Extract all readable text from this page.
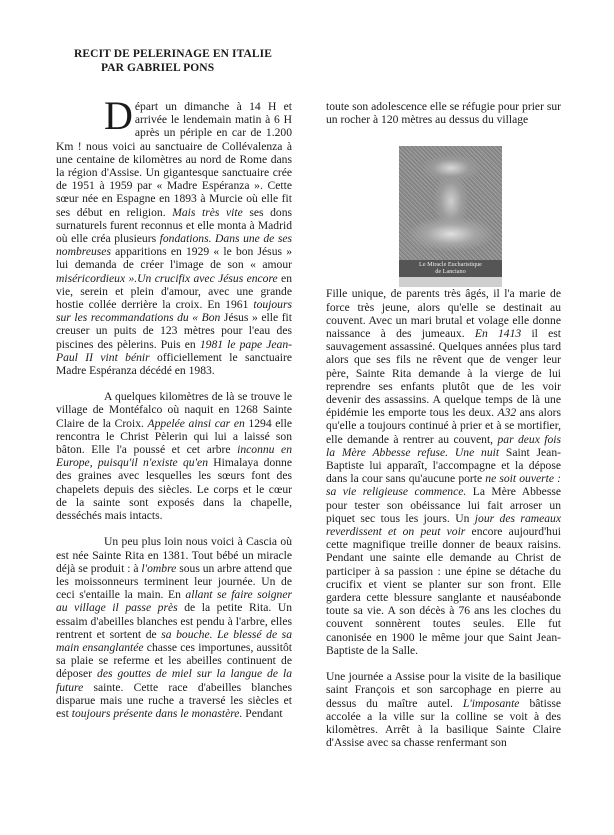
RECIT DE PELERINAGE EN ITALIE
PAR GABRIEL PONS

Départ un dimanche à 14 H et arrivée le lendemain matin à 6 H après un périple en car de 1.200 Km ! nous voici au sanctuaire de Collévalenza à une centaine de kilomètres au nord de Rome dans la région d'Assise. Un gigantesque sanctuaire crée de 1951 à 1959 par « Madre Espéranza ». Cette sœur née en Espagne en 1893 à Murcie où elle fit ses début en religion. Mais très vite ses dons surnaturels furent reconnus et elle monta à Madrid où elle créa plusieurs fondations. Dans une de ses nombreuses apparitions en 1929 « le bon Jésus » lui demanda de créer l'image de son « amour miséricordieux ».Un crucifix avec Jésus encore en vie, serein et plein d'amour, avec une grande hostie collée derrière la croix. En 1961 toujours sur les recommandations du « Bon Jésus » elle fit creuser un puits de 123 mètres pour l'eau des piscines des pèlerins. Puis en 1981 le pape Jean-Paul II vint bénir officiellement le sanctuaire Madre Espéranza décédé en 1983.

A quelques kilomètres de là se trouve le village de Montéfalco où naquit en 1268 Sainte Claire de la Croix. Appelée ainsi car en 1294 elle rencontra le Christ Pèlerin qui lui a laissé son bâton. Elle l'a poussé et cet arbre inconnu en Europe, puisqu'il n'existe qu'en Himalaya donne des graines avec lesquelles les sœurs font des chapelets depuis des siècles. Le corps et le cœur de la sainte sont exposés dans la chapelle, desséchés mais intacts.

Un peu plus loin nous voici à Cascia où est née Sainte Rita en 1381. Tout bébé un miracle déjà se produit : à l'ombre sous un arbre attend que les moissonneurs terminent leur journée. Un de ceci s'entaille la main. En allant se faire soigner au village il passe près de la petite Rita. Un essaim d'abeilles blanches est pendu à l'arbre, elles rentrent et sortent de sa bouche. Le blessé de sa main ensanglantée chasse ces importunes, aussitôt sa plaie se referme et les abeilles continuent de déposer des gouttes de miel sur la langue de la future sainte. Cette race d'abeilles blanches disparue mais une ruche a traversé les siècles et est toujours présente dans le monastère. Pendant

toute son adolescence elle se réfugie pour prier sur un rocher à 120 mètres au dessus du village

Le Miracle Eucharistique
de Lanciano

Fille unique, de parents très âgés, il l'a marie de force très jeune, alors qu'elle se destinait au couvent. Avec un mari brutal et volage elle donne naissance à des jumeaux. En 1413 il est sauvagement assassiné. Quelques années plus tard alors que ses fils ne rêvent que de venger leur père, Sainte Rita demande à la vierge de lui reprendre ses enfants plutôt que de les voir devenir des assassins. A quelque temps de là une épidémie les emporte tous les deux. A32 ans alors qu'elle a toujours continué à prier et à se mortifier, elle demande à rentrer au couvent, par deux fois la Mère Abbesse refuse. Une nuit Saint Jean-Baptiste lui apparaît, l'accompagne et la dépose dans la cour sans qu'aucune porte ne soit ouverte : sa vie religieuse commence. La Mère Abbesse pour tester son obéissance lui fait arroser un piquet sec tous les jours. Un jour des rameaux reverdissent et on peut voir encore aujourd'hui cette magnifique treille donner de beaux raisins. Pendant une sainte elle demande au Christ de participer à sa passion : une épine se détache du crucifix et vient se planter sur son front. Elle gardera cette blessure sanglante et nauséabonde toute sa vie. A son décès à 76 ans les cloches du couvent sonnèrent toutes seules. Elle fut canonisée en 1900 le même jour que Saint Jean-Baptiste de la Salle.

Une journée a Assise pour la visite de la basilique saint François et son sarcophage en pierre au dessus du maître autel. L'imposante bâtisse accolée a la ville sur la colline se voit à des kilomètres. Arrêt à la basilique Sainte Claire d'Assise avec sa chasse renfermant son
